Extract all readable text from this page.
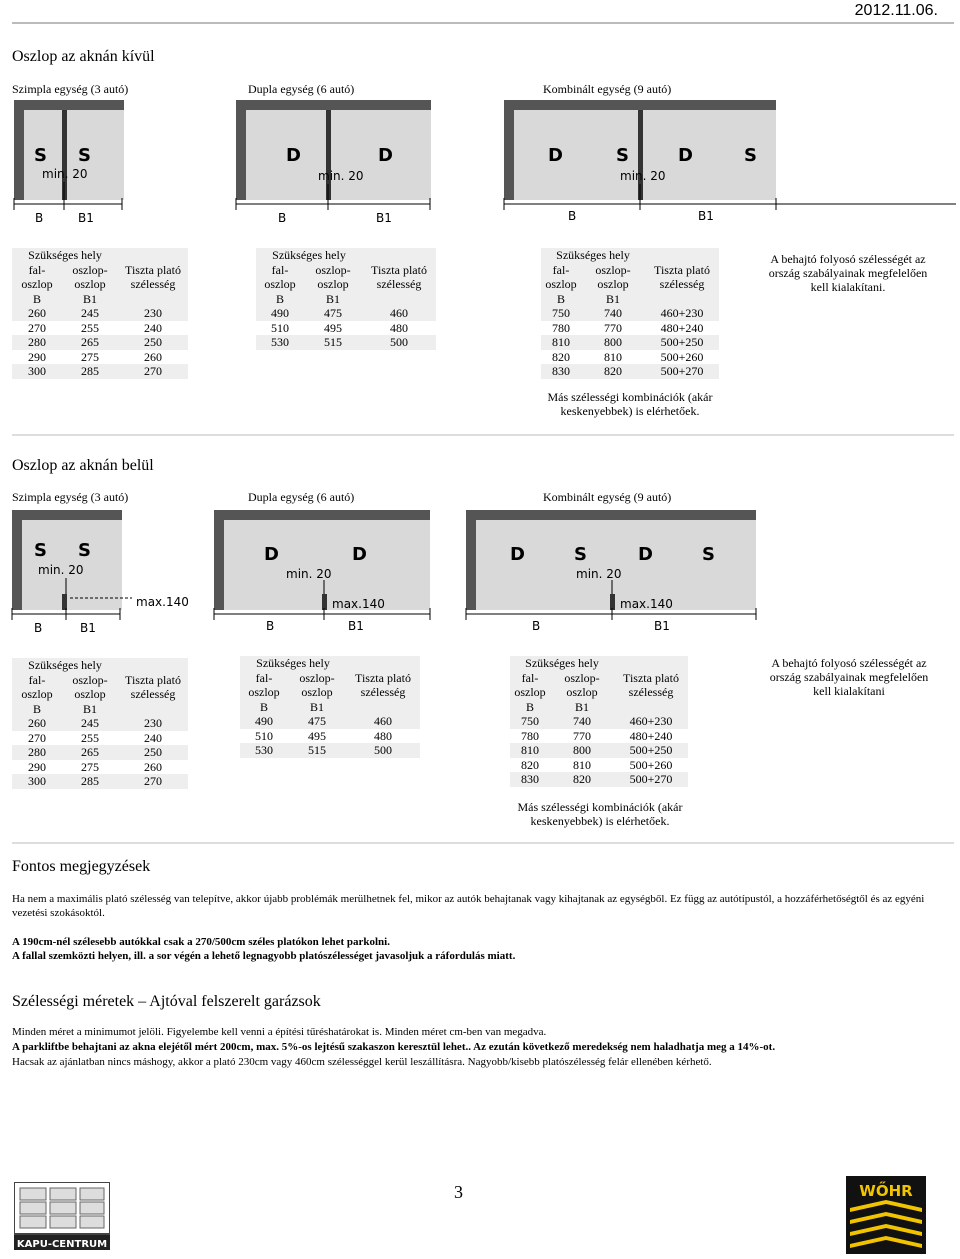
2012.11.06.
Oszlop az aknán kívül
Szimpla egység (3 autó)	Dupla egység (6 autó)	Kombinált egység (9 autó)
S S
min. 20
B	B1
D	D
min. 20
B	B1
D	S	D	S
min. 20
B	B1
Szükséges hely		
fal-	oszlop-	Tiszta plató
oszlop	oszlop	szélesség
B	B1	
260	245	230
270	255	240
280	265	250
290	275	260
300	285	270
Szükséges hely		
fal-	oszlop-	Tiszta plató
oszlop	oszlop	szélesség
B	B1	
490	475	460
510	495	480
530	515	500
Szükséges hely		
fal-	oszlop-	Tiszta plató
oszlop	oszlop	szélesség
B	B1	
750	740	460+230
780	770	480+240
810	800	500+250
820	810	500+260
830	820	500+270
A behajtó folyosó szélességét az ország szabályainak megfelelően kell kialakítani.
Más szélességi kombinációk (akár keskenyebbek) is elérhetőek.
Oszlop az aknán belül
Szimpla egység (3 autó)	Dupla egység (6 autó)	Kombinált egység (9 autó)
S S
min. 20
max.140
B	B1
D	D
min. 20
max.140
B	B1
D	S	D	S
min. 20
max.140
B	B1
Szükséges hely		
fal-	oszlop-	Tiszta plató
oszlop	oszlop	szélesség
B	B1	
260	245	230
270	255	240
280	265	250
290	275	260
300	285	270
Szükséges hely		
fal-	oszlop-	Tiszta plató
oszlop	oszlop	szélesség
B	B1	
490	475	460
510	495	480
530	515	500
Szükséges hely		
fal-	oszlop-	Tiszta plató
oszlop	oszlop	szélesség
B	B1	
750	740	460+230
780	770	480+240
810	800	500+250
820	810	500+260
830	820	500+270
A behajtó folyosó szélességét az ország szabályainak megfelelően kell kialakítani
Más szélességi kombinációk (akár keskenyebbek) is elérhetőek.
Fontos megjegyzések
Ha nem a maximális plató szélesség van telepítve, akkor újabb problémák merülhetnek fel, mikor az autók behajtanak vagy kihajtanak az egységből. Ez függ az autótípustól, a hozzáférhetőségtől és az egyéni vezetési szokásoktól.
A 190cm-nél szélesebb autókkal csak a 270/500cm széles platókon lehet parkolni.
A fallal szemközti helyen, ill. a sor végén a lehető legnagyobb platószélességet javasoljuk a ráfordulás miatt.
Szélességi méretek – Ajtóval felszerelt garázsok
Minden méret a minimumot jelöli. Figyelembe kell venni a építési tűréshatárokat is. Minden méret cm-ben van megadva.
A parkliftbe behajtani az akna elejétől mért 200cm, max. 5%-os lejtésű szakaszon keresztül lehet.. Az ezután következő meredekség nem haladhatja meg a 14%-ot.
Hacsak az ajánlatban nincs máshogy, akkor a plató 230cm vagy 460cm szélességgel kerül leszállításra. Nagyobb/kisebb platószélesség felár ellenében kérhető.
KAPU-CENTRUM
3	WŐHR
